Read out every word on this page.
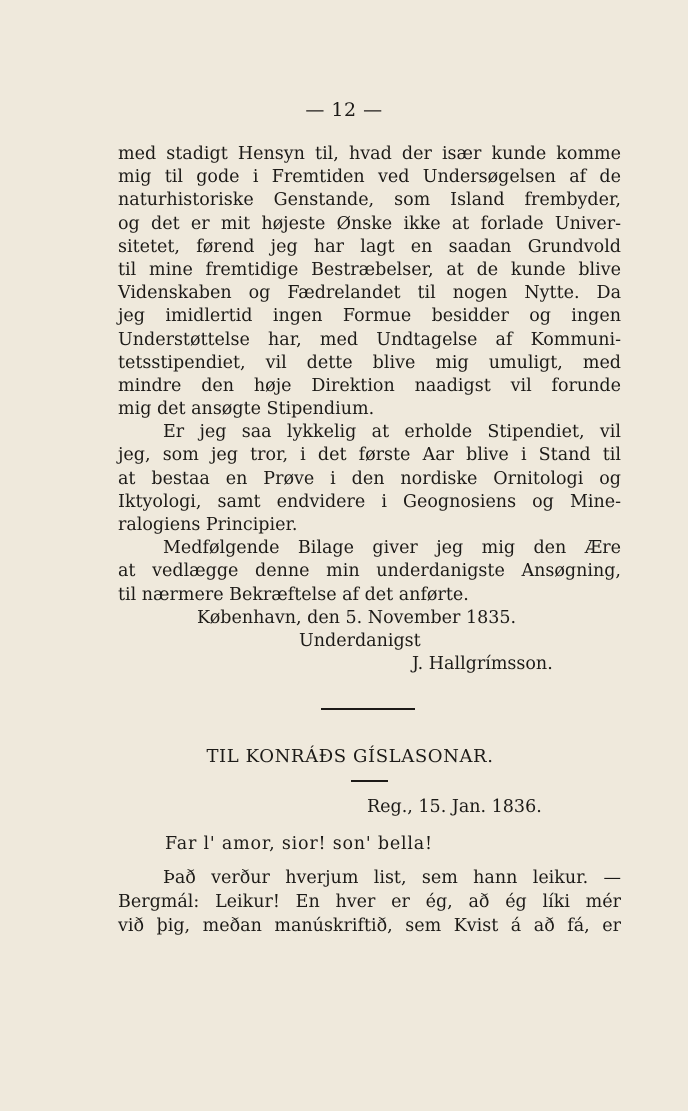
— 12 —
med stadigt Hensyn til, hvad der især kunde komme
mig til gode i Fremtiden ved Undersøgelsen af de
naturhistoriske Genstande, som Island frembyder,
og det er mit højeste Ønske ikke at forlade Univer-
sitetet, førend jeg har lagt en saadan Grundvold
til mine fremtidige Bestræbelser, at de kunde blive
Videnskaben og Fædrelandet til nogen Nytte. Da
jeg imidlertid ingen Formue besidder og ingen
Understøttelse har, med Undtagelse af Kommuni-
tetsstipendiet, vil dette blive mig umuligt, med
mindre den høje Direktion naadigst vil forunde
mig det ansøgte Stipendium.
Er jeg saa lykkelig at erholde Stipendiet, vil
jeg, som jeg tror, i det første Aar blive i Stand til
at bestaa en Prøve i den nordiske Ornitologi og
Iktyologi, samt endvidere i Geognosiens og Mine-
ralogiens Principier.
Medfølgende Bilage giver jeg mig den Ære
at vedlægge denne min underdanigste Ansøgning,
til nærmere Bekræftelse af det anførte.
København, den 5. November 1835.
Underdanigst
J. Hallgrímsson.
TIL KONRÁÐS GÍSLASONAR.
Reg., 15. Jan. 1836.
Far l' amor, sior! son' bella!
Það verður hverjum list, sem hann leikur. —
Bergmál: Leikur! En hver er ég, að ég líki mér
við þig, meðan manúskriftið, sem Kvist á að fá, er
